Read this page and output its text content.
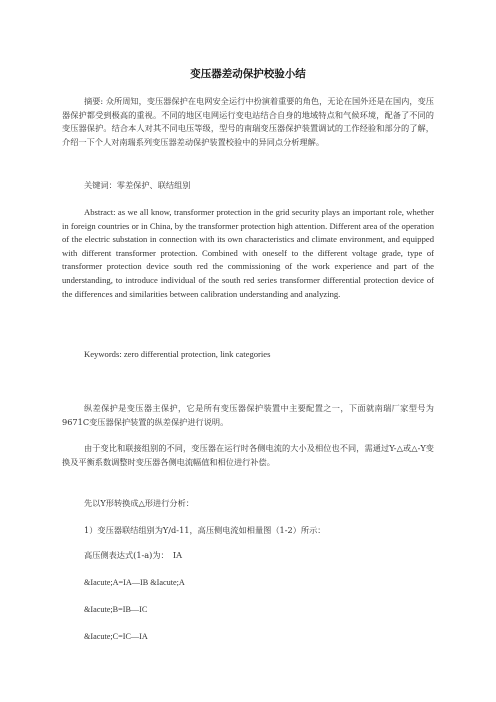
变压器差动保护校验小结

摘要: 众所周知，变压器保护在电网安全运行中扮演着重要的角色，无论在国外还是在国内，变压器保护都受到极高的重视。不同的地区电网运行变电站结合自身的地域特点和气候环境，配备了不同的变压器保护。结合本人对其不同电压等级，型号的南瑞变压器保护装置调试的工作经验和部分的了解，介绍一下个人对南瑞系列变压器差动保护装置校验中的异同点分析理解。

关键词：零差保护、联结组别

Abstract: as we all know, transformer protection in the grid security plays an important role, whether in foreign countries or in China, by the transformer protection high attention. Different area of the operation of the electric substation in connection with its own characteristics and climate environment, and equipped with different transformer protection. Combined with oneself to the different voltage grade, type of transformer protection device south red the commissioning of the work experience and part of the understanding, to introduce individual of the south red series transformer differential protection device of the differences and similarities between calibration understanding and analyzing.

Keywords: zero differential protection, link categories

纵差保护是变压器主保护，它是所有变压器保护装置中主要配置之一，下面就南瑞厂家型号为9671C变压器保护装置的纵差保护进行说明。

由于变比和联接组别的不同，变压器在运行时各侧电流的大小及相位也不同，需通过Y-△或△-Y变换及平衡系数调整时变压器各侧电流幅值和相位进行补偿。

先以Y形转换成△形进行分析：

1）变压器联结组别为Y/d-11，高压侧电流如相量图（1-2）所示：

高压侧表达式(1-a)为：　IA
&Iacute;A=IA—IB &Iacute;A
&Iacute;B=IB—IC
&Iacute;C=IC—IA
